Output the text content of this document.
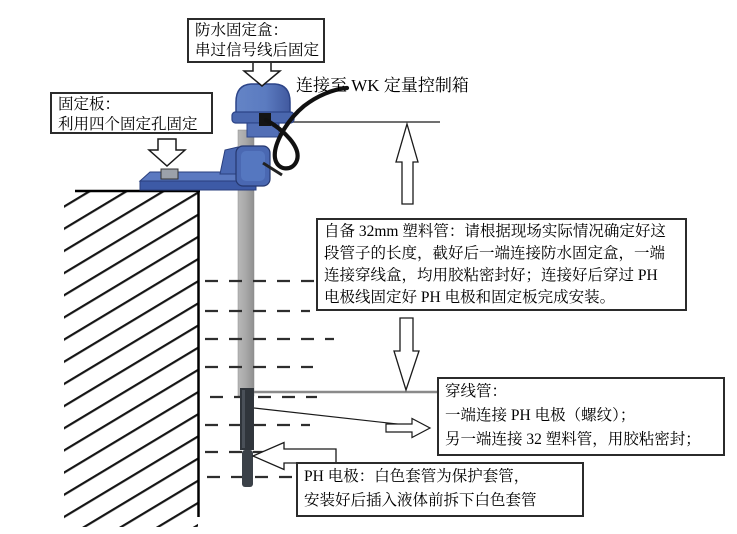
防水固定盒：
串过信号线后固定
连接至 WK 定量控制箱
固定板：
利用四个固定孔固定
自备 32mm 塑料管：请根据现场实际情况确定好这
段管子的长度，截好后一端连接防水固定盒，一端
连接穿线盒，均用胶粘密封好；连接好后穿过 PH
电极线固定好 PH 电极和固定板完成安装。
穿线管：
一端连接 PH 电极（螺纹）；
另一端连接 32 塑料管，用胶粘密封；
PH 电极：白色套管为保护套管，
安装好后插入液体前拆下白色套管
